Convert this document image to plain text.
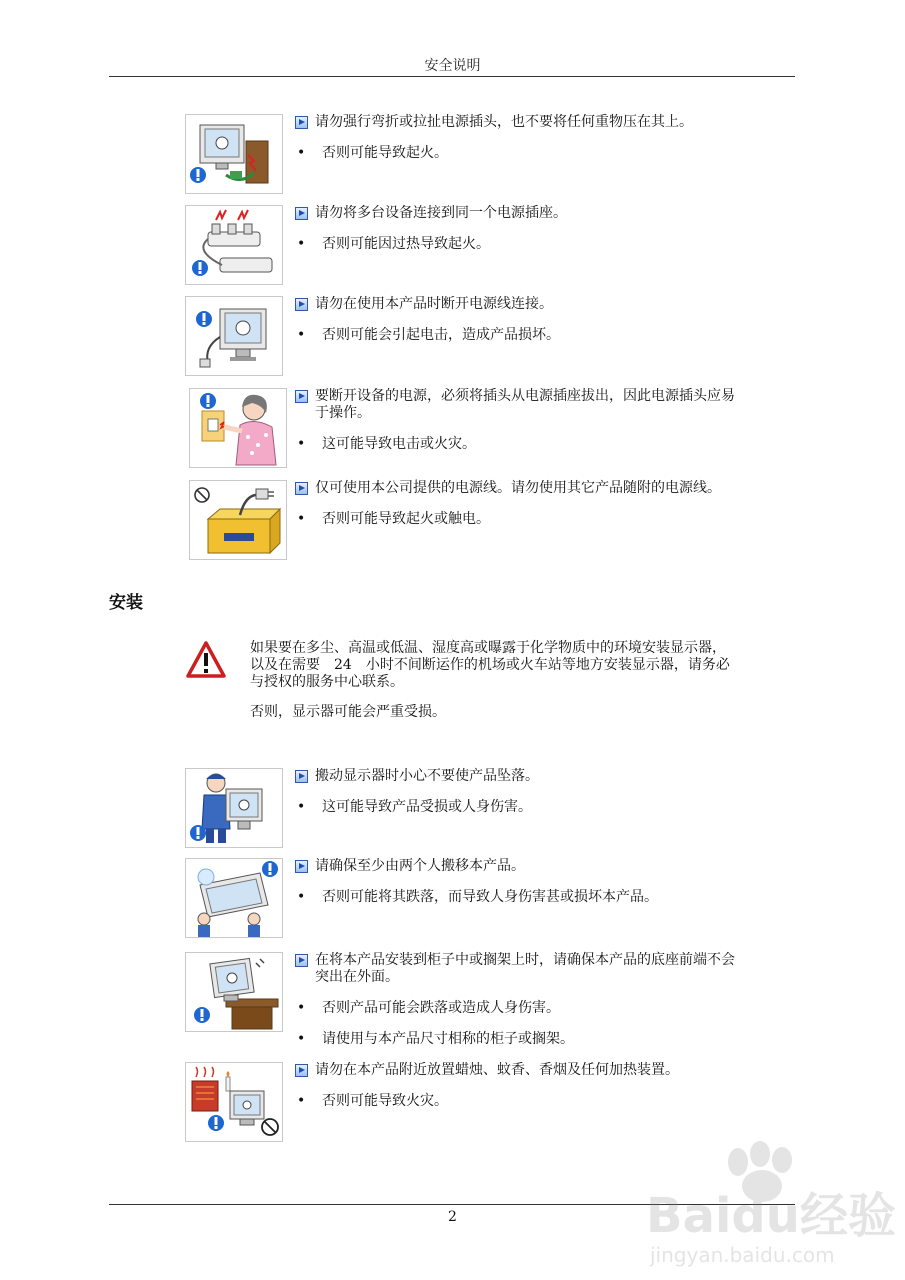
安全说明
请勿强行弯折或拉扯电源插头，也不要将任何重物压在其上。
•	否则可能导致起火。
请勿将多台设备连接到同一个电源插座。
•	否则可能因过热导致起火。
请勿在使用本产品时断开电源线连接。
•	否则可能会引起电击，造成产品损坏。
要断开设备的电源，必须将插头从电源插座拔出，因此电源插头应易于操作。
•	这可能导致电击或火灾。
仅可使用本公司提供的电源线。请勿使用其它产品随附的电源线。
•	否则可能导致起火或触电。
安装

如果要在多尘、高温或低温、湿度高或曝露于化学物质中的环境安装显示器，以及在需要　24　小时不间断运作的机场或火车站等地方安装显示器，请务必与授权的服务中心联系。

否则，显示器可能会严重受损。

搬动显示器时小心不要使产品坠落。
•	这可能导致产品受损或人身伤害。
请确保至少由两个人搬移本产品。
•	否则可能将其跌落，而导致人身伤害甚或损坏本产品。
在将本产品安装到柜子中或搁架上时，请确保本产品的底座前端不会突出在外面。
•	否则产品可能会跌落或造成人身伤害。
•	请使用与本产品尺寸相称的柜子或搁架。
请勿在本产品附近放置蜡烛、蚊香、香烟及任何加热装置。
•	否则可能导致火灾。
2	Baidu经验
jingyan.baidu.com
